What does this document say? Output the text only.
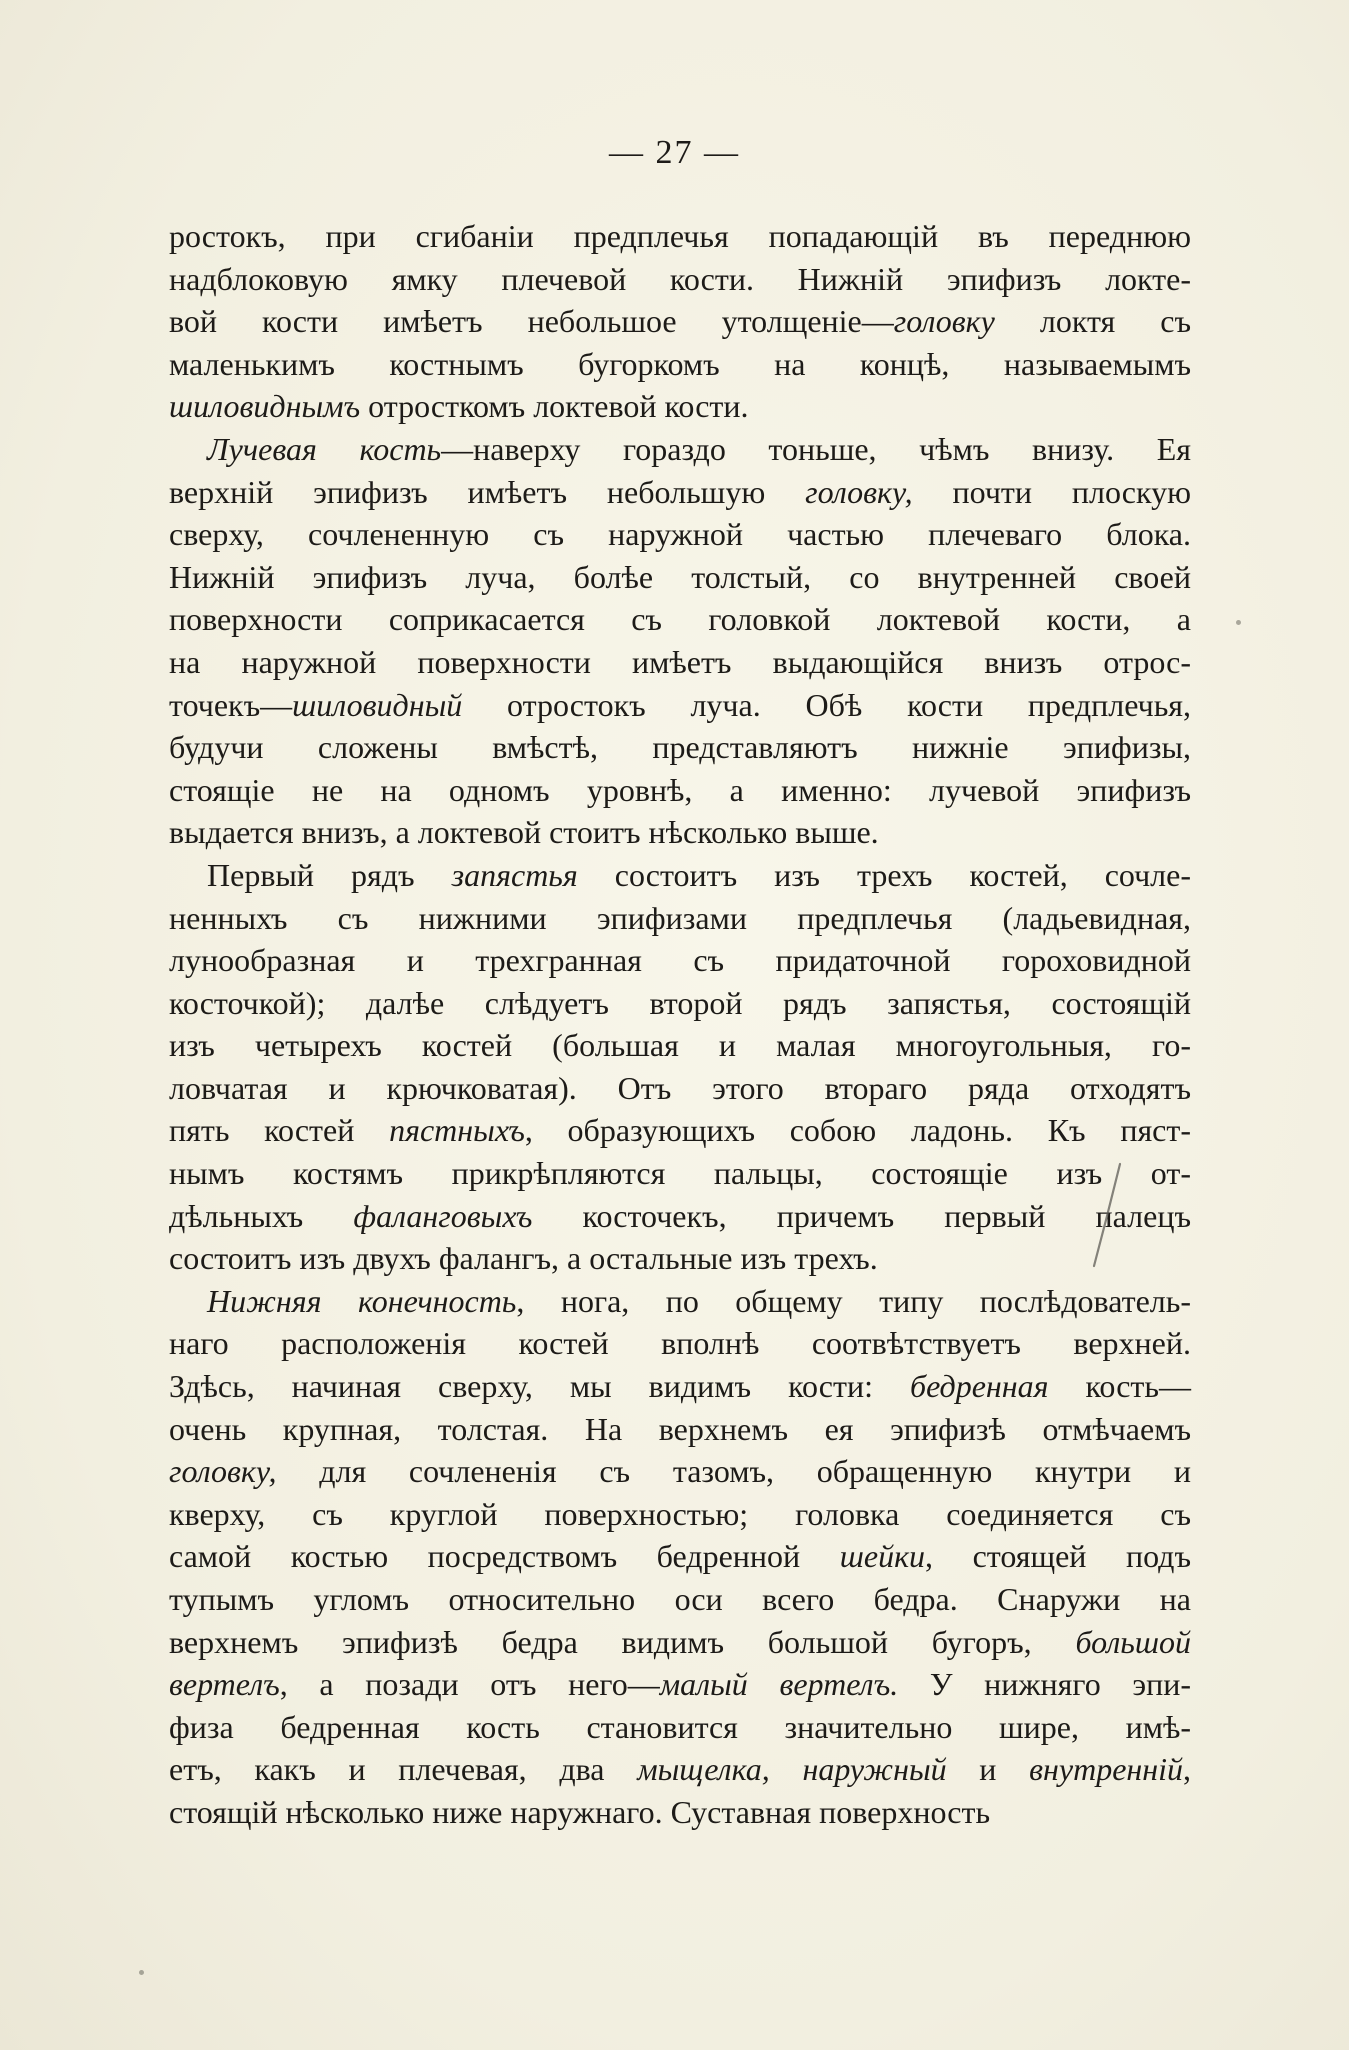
— 27 —

ростокъ, при сгибаніи предплечья попадающій въ переднюю
надблоковую ямку плечевой кости. Нижній эпифизъ локте-
вой кости имѣетъ небольшое утолщеніе—головку локтя съ
маленькимъ костнымъ бугоркомъ на концѣ, называемымъ
шиловиднымъ отросткомъ локтевой кости.

Лучевая кость—наверху гораздо тоньше, чѣмъ внизу. Ея
верхній эпифизъ имѣетъ небольшую головку, почти плоскую
сверху, сочлененную съ наружной частью плечеваго блока.
Нижній эпифизъ луча, болѣе толстый, со внутренней своей
поверхности соприкасается съ головкой локтевой кости, а
на наружной поверхности имѣетъ выдающійся внизъ отрос-
точекъ—шиловидный отростокъ луча. Обѣ кости предплечья,
будучи сложены вмѣстѣ, представляютъ нижніе эпифизы,
стоящіе не на одномъ уровнѣ, а именно: лучевой эпифизъ
выдается внизъ, а локтевой стоитъ нѣсколько выше.

Первый рядъ запястья состоитъ изъ трехъ костей, сочле-
ненныхъ съ нижними эпифизами предплечья (ладьевидная,
лунообразная и трехгранная съ придаточной гороховидной
косточкой); далѣе слѣдуетъ второй рядъ запястья, состоящій
изъ четырехъ костей (большая и малая многоугольныя, го-
ловчатая и крючковатая). Отъ этого втораго ряда отходятъ
пять костей пястныхъ, образующихъ собою ладонь. Къ пяст-
нымъ костямъ прикрѣпляются пальцы, состоящіе изъ от-
дѣльныхъ фаланговыхъ косточекъ, причемъ первый палецъ
состоитъ изъ двухъ фалангъ, а остальные изъ трехъ.

Нижняя конечность, нога, по общему типу послѣдователь-
наго расположенія костей вполнѣ соотвѣтствуетъ верхней.
Здѣсь, начиная сверху, мы видимъ кости: бедренная кость—
очень крупная, толстая. На верхнемъ ея эпифизѣ отмѣчаемъ
головку, для сочлененія съ тазомъ, обращенную кнутри и
кверху, съ круглой поверхностью; головка соединяется съ
самой костью посредствомъ бедренной шейки, стоящей подъ
тупымъ угломъ относительно оси всего бедра. Снаружи на
верхнемъ эпифизѣ бедра видимъ большой бугоръ, большой
вертелъ, а позади отъ него—малый вертелъ. У нижняго эпи-
физа бедренная кость становится значительно шире, имѣ-
етъ, какъ и плечевая, два мыщелка, наружный и внутренній,
стоящій нѣсколько ниже наружнаго. Суставная поверхность
